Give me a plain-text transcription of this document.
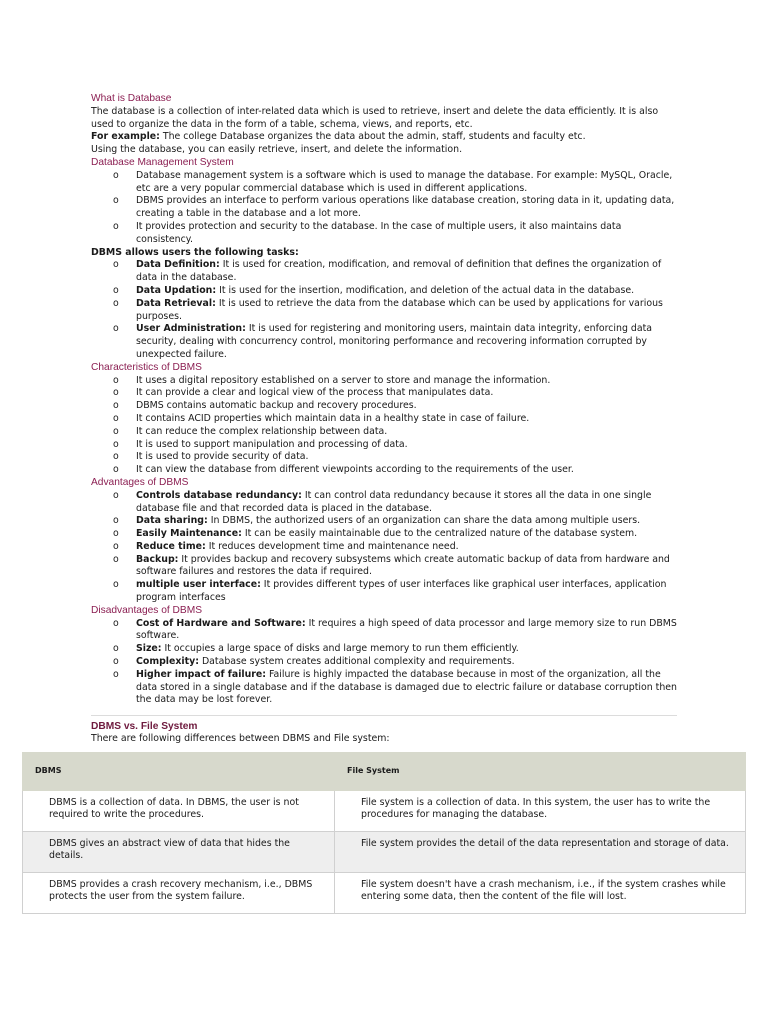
What is Database

The database is a collection of inter-related data which is used to retrieve, insert and delete the data efficiently. It is also used to organize the data in the form of a table, schema, views, and reports, etc.

For example: The college Database organizes the data about the admin, staff, students and faculty etc.

Using the database, you can easily retrieve, insert, and delete the information.

Database Management System
o Database management system is a software which is used to manage the database. For example: MySQL, Oracle, etc are a very popular commercial database which is used in different applications.
o DBMS provides an interface to perform various operations like database creation, storing data in it, updating data, creating a table in the database and a lot more.
o It provides protection and security to the database. In the case of multiple users, it also maintains data consistency.
DBMS allows users the following tasks:
o Data Definition: It is used for creation, modification, and removal of definition that defines the organization of data in the database.
o Data Updation: It is used for the insertion, modification, and deletion of the actual data in the database.
o Data Retrieval: It is used to retrieve the data from the database which can be used by applications for various purposes.
o User Administration: It is used for registering and monitoring users, maintain data integrity, enforcing data security, dealing with concurrency control, monitoring performance and recovering information corrupted by unexpected failure.
Characteristics of DBMS
o It uses a digital repository established on a server to store and manage the information.
o It can provide a clear and logical view of the process that manipulates data.
o DBMS contains automatic backup and recovery procedures.
o It contains ACID properties which maintain data in a healthy state in case of failure.
o It can reduce the complex relationship between data.
o It is used to support manipulation and processing of data.
o It is used to provide security of data.
o It can view the database from different viewpoints according to the requirements of the user.
Advantages of DBMS
o Controls database redundancy: It can control data redundancy because it stores all the data in one single database file and that recorded data is placed in the database.
o Data sharing: In DBMS, the authorized users of an organization can share the data among multiple users.
o Easily Maintenance: It can be easily maintainable due to the centralized nature of the database system.
o Reduce time: It reduces development time and maintenance need.
o Backup: It provides backup and recovery subsystems which create automatic backup of data from hardware and software failures and restores the data if required.
o multiple user interface: It provides different types of user interfaces like graphical user interfaces, application program interfaces
Disadvantages of DBMS
o Cost of Hardware and Software: It requires a high speed of data processor and large memory size to run DBMS software.
o Size: It occupies a large space of disks and large memory to run them efficiently.
o Complexity: Database system creates additional complexity and requirements.
o Higher impact of failure: Failure is highly impacted the database because in most of the organization, all the data stored in a single database and if the database is damaged due to electric failure or database corruption then the data may be lost forever.
DBMS vs. File System

There are following differences between DBMS and File system:

DBMS	File System
DBMS is a collection of data. In DBMS, the user is not required to write the procedures.	File system is a collection of data. In this system, the user has to write the procedures for managing the database.
DBMS gives an abstract view of data that hides the details.	File system provides the detail of the data representation and storage of data.
DBMS provides a crash recovery mechanism, i.e., DBMS protects the user from the system failure.	File system doesn't have a crash mechanism, i.e., if the system crashes while entering some data, then the content of the file will lost.
